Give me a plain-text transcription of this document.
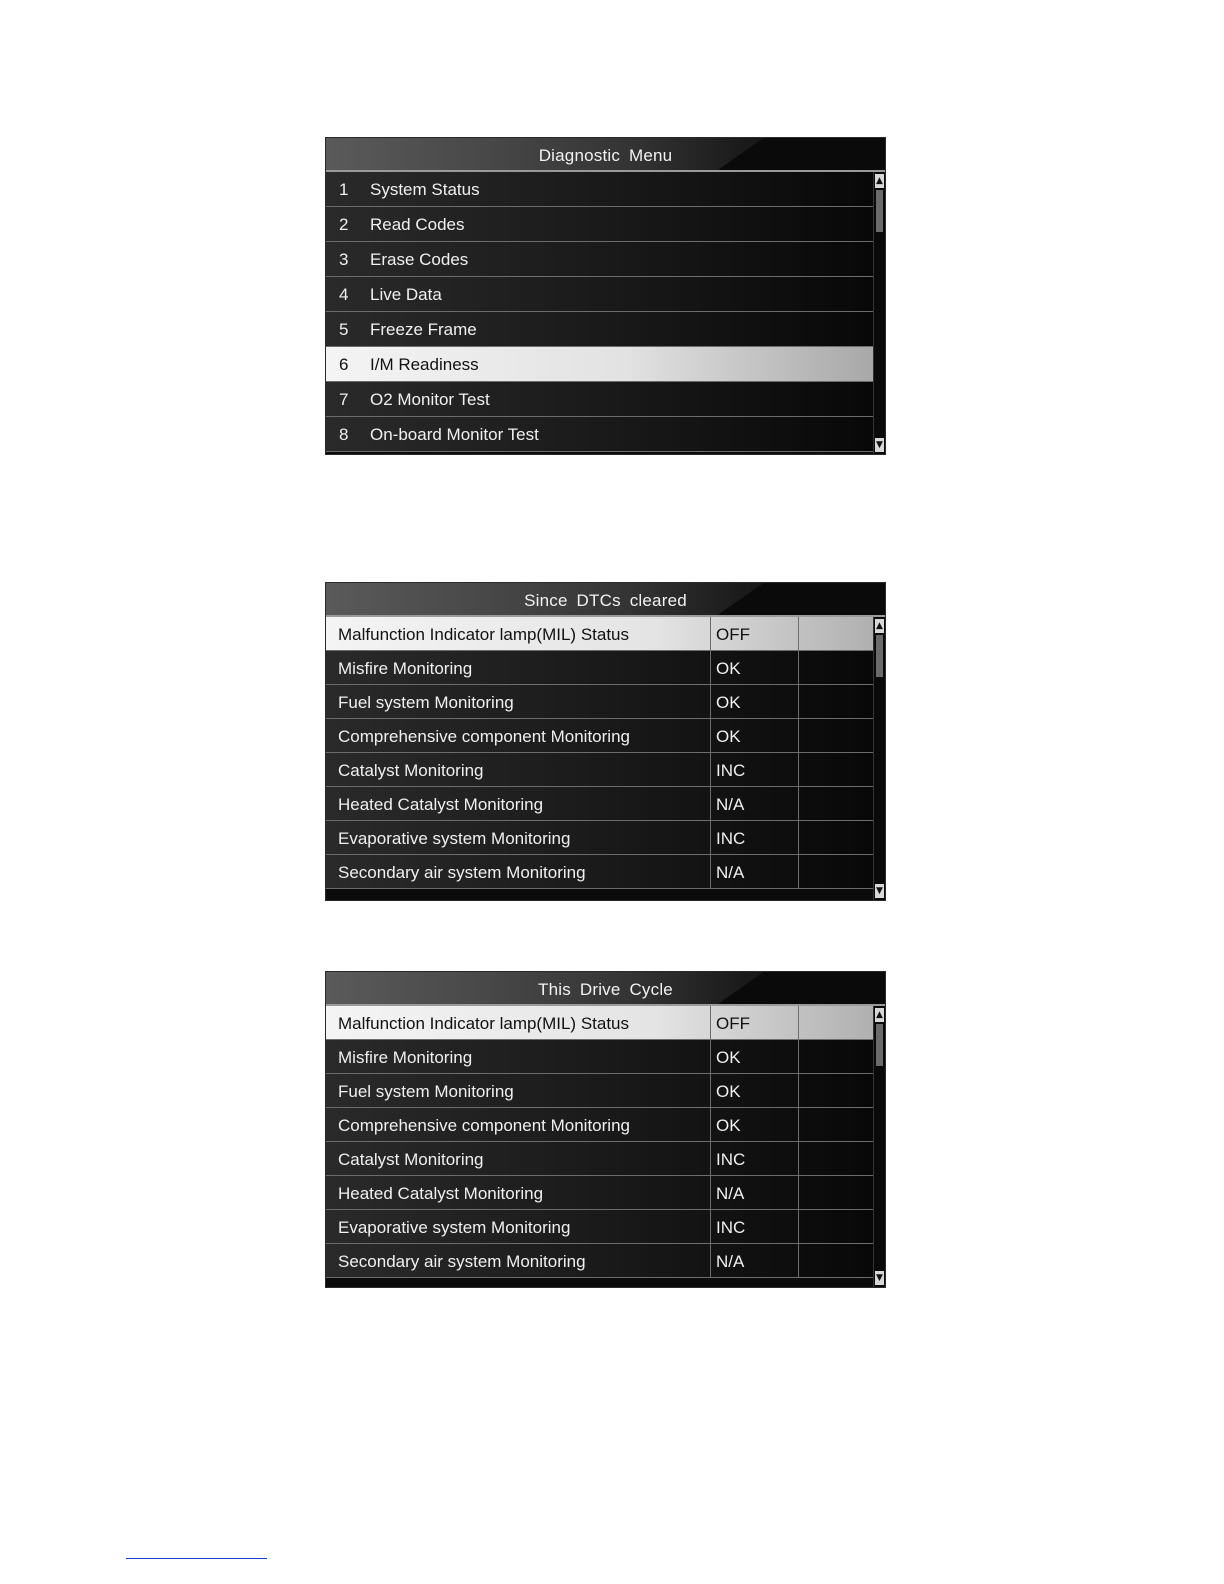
Diagnostic Menu
1 System Status
2 Read Codes
3 Erase Codes
4 Live Data
5 Freeze Frame
6 I/M Readiness
7 O2 Monitor Test
8 On-board Monitor Test
▲
▼
Since DTCs cleared
Malfunction Indicator lamp(MIL) Status	OFF
Misfire Monitoring	OK
Fuel system Monitoring	OK
Comprehensive component Monitoring	OK
Catalyst Monitoring	INC
Heated Catalyst Monitoring	N/A
Evaporative system Monitoring	INC
Secondary air system Monitoring	N/A
▲
▼
This Drive Cycle
Malfunction Indicator lamp(MIL) Status	OFF
Misfire Monitoring	OK
Fuel system Monitoring	OK
Comprehensive component Monitoring	OK
Catalyst Monitoring	INC
Heated Catalyst Monitoring	N/A
Evaporative system Monitoring	INC
Secondary air system Monitoring	N/A
▲
▼
